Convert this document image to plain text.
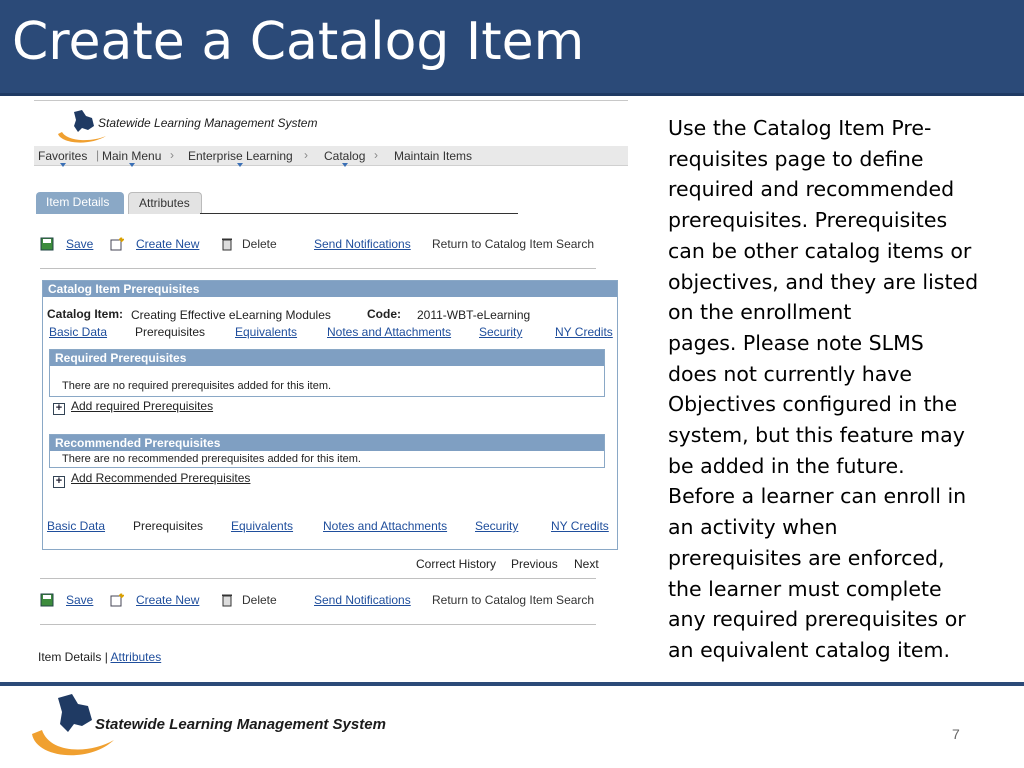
Create a Catalog Item
Statewide Learning Management System
Favorites | Main Menu › Enterprise Learning › Catalog › Maintain Items
Item Details	Attributes
Save	Create New	Delete	Send Notifications Return to Catalog Item Search
Catalog Item Prerequisites
Catalog Item: Creating Effective eLearning Modules	Code: 2011-WBT-eLearning
Basic Data Prerequisites Equivalents Notes and Attachments Security	NY Credits
Required Prerequisites
There are no required prerequisites added for this item.
+ Add required Prerequisites
Recommended Prerequisites
There are no recommended prerequisites added for this item.
+ Add Recommended Prerequisites
Basic Data Prerequisites Equivalents Notes and Attachments Security	NY Credits
Correct History Previous Next
Save	Create New	Delete	Send Notifications Return to Catalog Item Search
Item Details | Attributes
Use the Catalog Item Pre-
requisites page to define
required and recommended
prerequisites. Prerequisites
can be other catalog items or
objectives, and they are listed
on the enrollment
pages. Please note SLMS
does not currently have
Objectives configured in the
system, but this feature may
be added in the future.
Before a learner can enroll in
an activity when
prerequisites are enforced,
the learner must complete
any required prerequisites or
an equivalent catalog item.
Statewide Learning Management System
7
